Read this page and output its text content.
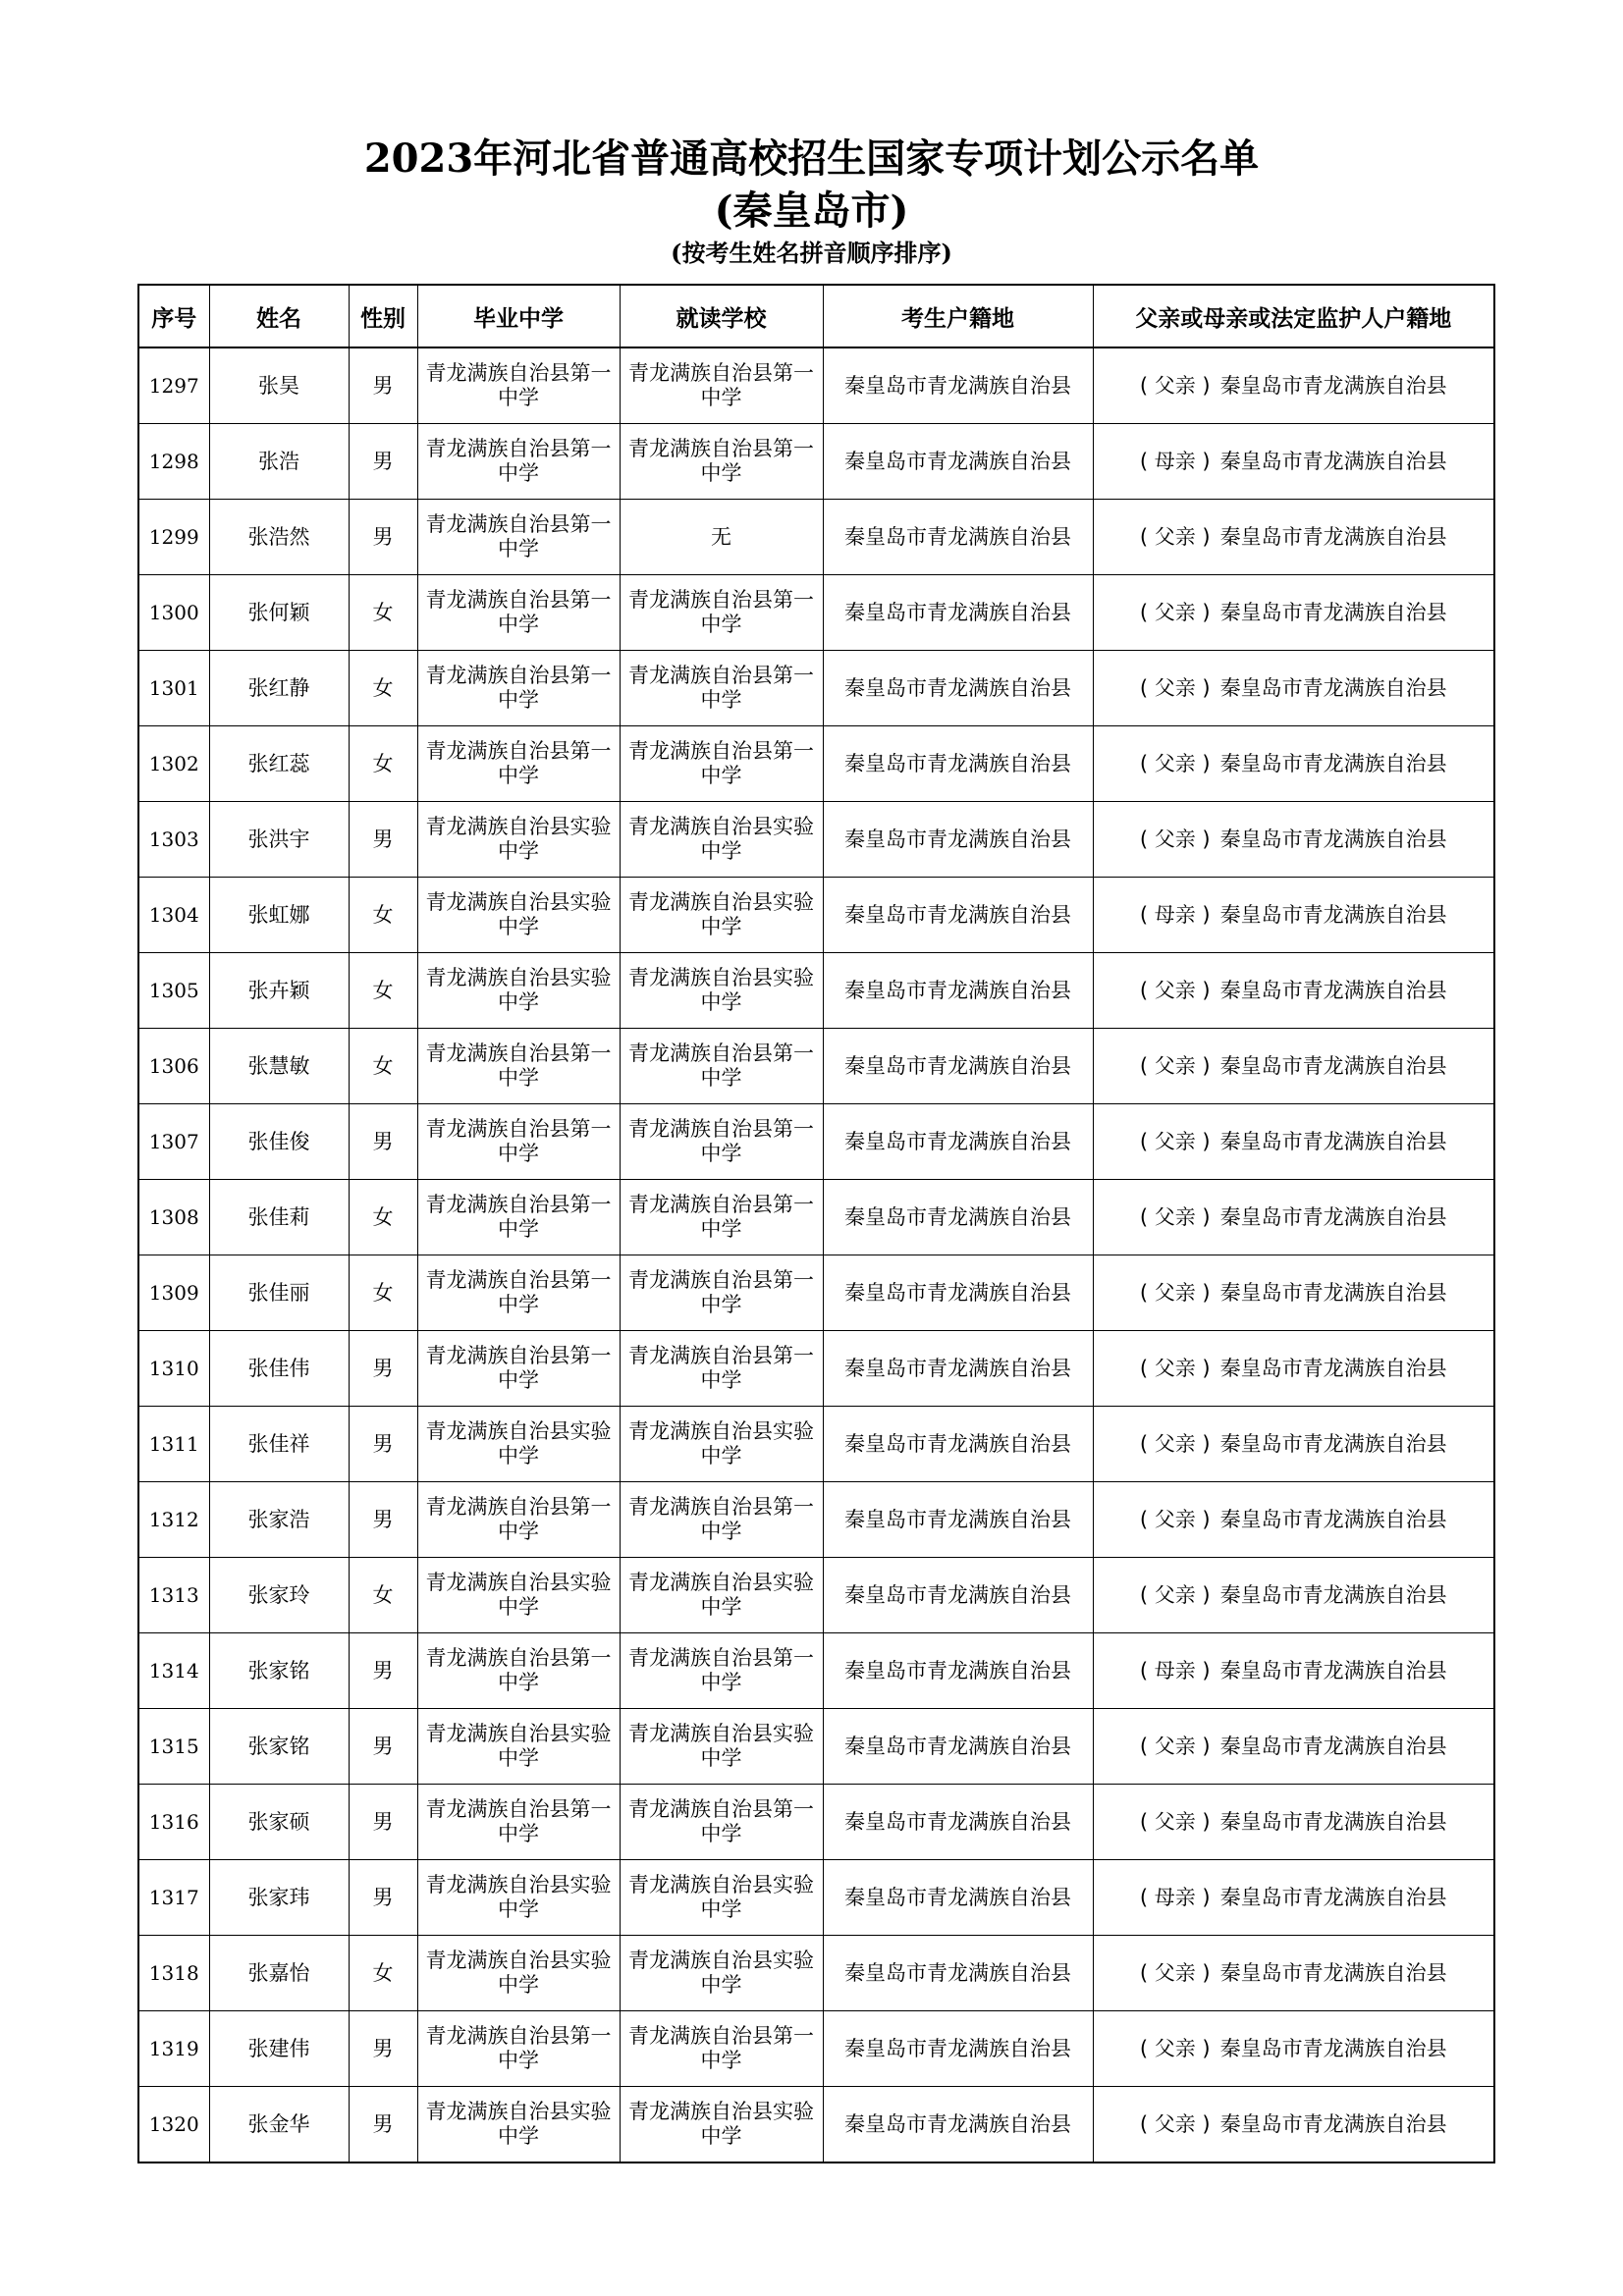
2023年河北省普通高校招生国家专项计划公示名单

(秦皇岛市)

(按考生姓名拼音顺序排序)

序号	姓名	性别	毕业中学	就读学校	考生户籍地	父亲或母亲或法定监护人户籍地
1297	张昊	男	青龙满族自治县第一中学	青龙满族自治县第一中学	秦皇岛市青龙满族自治县	( 父亲 ) 秦皇岛市青龙满族自治县
1298	张浩	男	青龙满族自治县第一中学	青龙满族自治县第一中学	秦皇岛市青龙满族自治县	( 母亲 ) 秦皇岛市青龙满族自治县
1299	张浩然	男	青龙满族自治县第一中学	无	秦皇岛市青龙满族自治县	( 父亲 ) 秦皇岛市青龙满族自治县
1300	张何颖	女	青龙满族自治县第一中学	青龙满族自治县第一中学	秦皇岛市青龙满族自治县	( 父亲 ) 秦皇岛市青龙满族自治县
1301	张红静	女	青龙满族自治县第一中学	青龙满族自治县第一中学	秦皇岛市青龙满族自治县	( 父亲 ) 秦皇岛市青龙满族自治县
1302	张红蕊	女	青龙满族自治县第一中学	青龙满族自治县第一中学	秦皇岛市青龙满族自治县	( 父亲 ) 秦皇岛市青龙满族自治县
1303	张洪宇	男	青龙满族自治县实验中学	青龙满族自治县实验中学	秦皇岛市青龙满族自治县	( 父亲 ) 秦皇岛市青龙满族自治县
1304	张虹娜	女	青龙满族自治县实验中学	青龙满族自治县实验中学	秦皇岛市青龙满族自治县	( 母亲 ) 秦皇岛市青龙满族自治县
1305	张卉颖	女	青龙满族自治县实验中学	青龙满族自治县实验中学	秦皇岛市青龙满族自治县	( 父亲 ) 秦皇岛市青龙满族自治县
1306	张慧敏	女	青龙满族自治县第一中学	青龙满族自治县第一中学	秦皇岛市青龙满族自治县	( 父亲 ) 秦皇岛市青龙满族自治县
1307	张佳俊	男	青龙满族自治县第一中学	青龙满族自治县第一中学	秦皇岛市青龙满族自治县	( 父亲 ) 秦皇岛市青龙满族自治县
1308	张佳莉	女	青龙满族自治县第一中学	青龙满族自治县第一中学	秦皇岛市青龙满族自治县	( 父亲 ) 秦皇岛市青龙满族自治县
1309	张佳丽	女	青龙满族自治县第一中学	青龙满族自治县第一中学	秦皇岛市青龙满族自治县	( 父亲 ) 秦皇岛市青龙满族自治县
1310	张佳伟	男	青龙满族自治县第一中学	青龙满族自治县第一中学	秦皇岛市青龙满族自治县	( 父亲 ) 秦皇岛市青龙满族自治县
1311	张佳祥	男	青龙满族自治县实验中学	青龙满族自治县实验中学	秦皇岛市青龙满族自治县	( 父亲 ) 秦皇岛市青龙满族自治县
1312	张家浩	男	青龙满族自治县第一中学	青龙满族自治县第一中学	秦皇岛市青龙满族自治县	( 父亲 ) 秦皇岛市青龙满族自治县
1313	张家玲	女	青龙满族自治县实验中学	青龙满族自治县实验中学	秦皇岛市青龙满族自治县	( 父亲 ) 秦皇岛市青龙满族自治县
1314	张家铭	男	青龙满族自治县第一中学	青龙满族自治县第一中学	秦皇岛市青龙满族自治县	( 母亲 ) 秦皇岛市青龙满族自治县
1315	张家铭	男	青龙满族自治县实验中学	青龙满族自治县实验中学	秦皇岛市青龙满族自治县	( 父亲 ) 秦皇岛市青龙满族自治县
1316	张家硕	男	青龙满族自治县第一中学	青龙满族自治县第一中学	秦皇岛市青龙满族自治县	( 父亲 ) 秦皇岛市青龙满族自治县
1317	张家玮	男	青龙满族自治县实验中学	青龙满族自治县实验中学	秦皇岛市青龙满族自治县	( 母亲 ) 秦皇岛市青龙满族自治县
1318	张嘉怡	女	青龙满族自治县实验中学	青龙满族自治县实验中学	秦皇岛市青龙满族自治县	( 父亲 ) 秦皇岛市青龙满族自治县
1319	张建伟	男	青龙满族自治县第一中学	青龙满族自治县第一中学	秦皇岛市青龙满族自治县	( 父亲 ) 秦皇岛市青龙满族自治县
1320	张金华	男	青龙满族自治县实验中学	青龙满族自治县实验中学	秦皇岛市青龙满族自治县	( 父亲 ) 秦皇岛市青龙满族自治县
